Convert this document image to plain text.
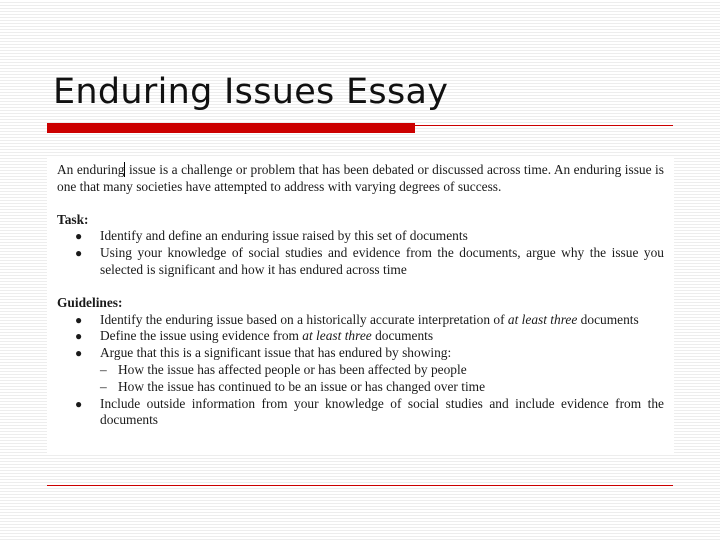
Enduring Issues Essay

An enduring issue is a challenge or problem that has been debated or discussed across time. An enduring issue is one that many societies have attempted to address with varying degrees of success.

Task:

● Identify and define an enduring issue raised by this set of documents
● Using your knowledge of social studies and evidence from the documents, argue why the issue you selected is significant and how it has endured across time

Guidelines:

● Identify the enduring issue based on a historically accurate interpretation of at least three documents
● Define the issue using evidence from at least three documents
● Argue that this is a significant issue that has endured by showing:
– How the issue has affected people or has been affected by people
– How the issue has continued to be an issue or has changed over time
● Include outside information from your knowledge of social studies and include evidence from the documents
